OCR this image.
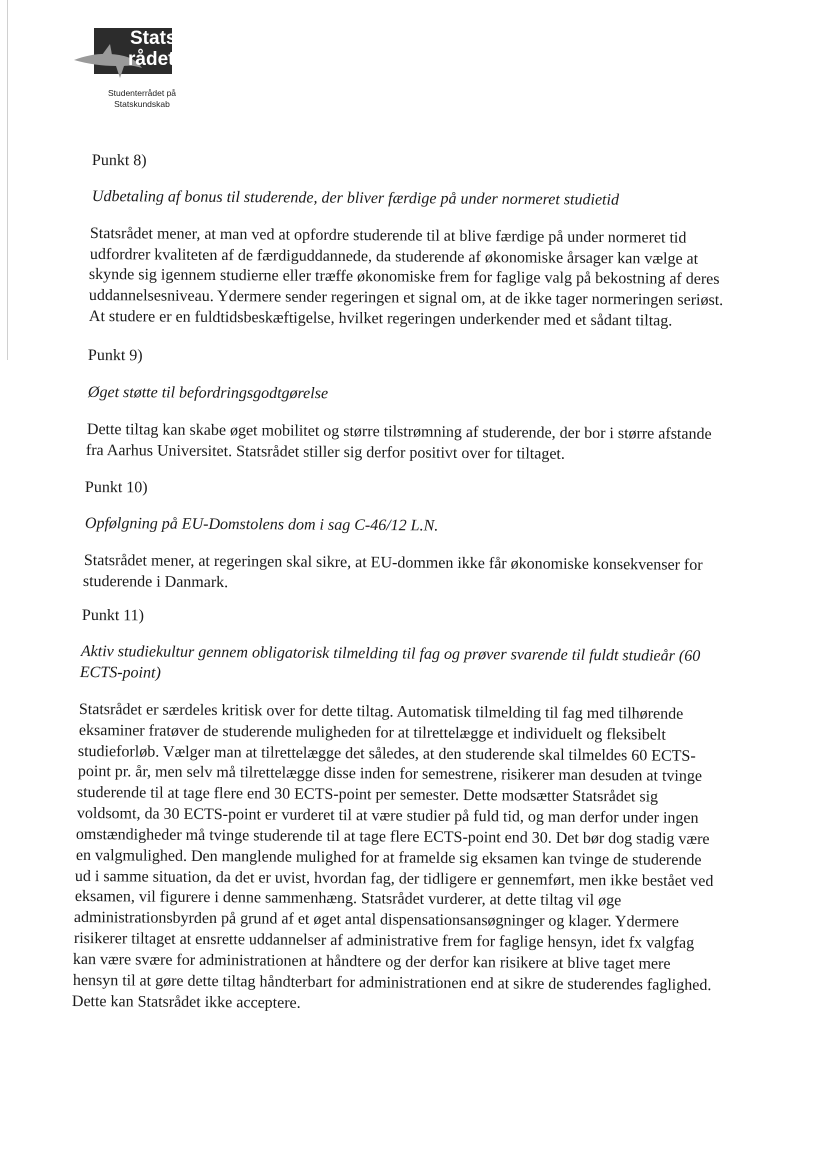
Stats
rådet
Studenterrådet på
Statskundskab
Punkt 8)
Udbetaling af bonus til studerende, der bliver færdige på under normeret studietid
Statsrådet mener, at man ved at opfordre studerende til at blive færdige på under normeret tid
udfordrer kvaliteten af de færdiguddannede, da studerende af økonomiske årsager kan vælge at
skynde sig igennem studierne eller træffe økonomiske frem for faglige valg på bekostning af deres
uddannelsesniveau. Ydermere sender regeringen et signal om, at de ikke tager normeringen seriøst.
At studere er en fuldtidsbeskæftigelse, hvilket regeringen underkender med et sådant tiltag.
Punkt 9)
Øget støtte til befordringsgodtgørelse
Dette tiltag kan skabe øget mobilitet og større tilstrømning af studerende, der bor i større afstande
fra Aarhus Universitet. Statsrådet stiller sig derfor positivt over for tiltaget.
Punkt 10)
Opfølgning på EU-Domstolens dom i sag C-46/12 L.N.
Statsrådet mener, at regeringen skal sikre, at EU-dommen ikke får økonomiske konsekvenser for
studerende i Danmark.
Punkt 11)
Aktiv studiekultur gennem obligatorisk tilmelding til fag og prøver svarende til fuldt studieår (60
ECTS-point)
Statsrådet er særdeles kritisk over for dette tiltag. Automatisk tilmelding til fag med tilhørende
eksaminer fratøver de studerende muligheden for at tilrettelægge et individuelt og fleksibelt
studieforløb. Vælger man at tilrettelægge det således, at den studerende skal tilmeldes 60 ECTS-
point pr. år, men selv må tilrettelægge disse inden for semestrene, risikerer man desuden at tvinge
studerende til at tage flere end 30 ECTS-point per semester. Dette modsætter Statsrådet sig
voldsomt, da 30 ECTS-point er vurderet til at være studier på fuld tid, og man derfor under ingen
omstændigheder må tvinge studerende til at tage flere ECTS-point end 30. Det bør dog stadig være
en valgmulighed. Den manglende mulighed for at framelde sig eksamen kan tvinge de studerende
ud i samme situation, da det er uvist, hvordan fag, der tidligere er gennemført, men ikke bestået ved
eksamen, vil figurere i denne sammenhæng. Statsrådet vurderer, at dette tiltag vil øge
administrationsbyrden på grund af et øget antal dispensationsansøgninger og klager. Ydermere
risikerer tiltaget at ensrette uddannelser af administrative frem for faglige hensyn, idet fx valgfag
kan være svære for administrationen at håndtere og der derfor kan risikere at blive taget mere
hensyn til at gøre dette tiltag håndterbart for administrationen end at sikre de studerendes faglighed.
Dette kan Statsrådet ikke acceptere.
